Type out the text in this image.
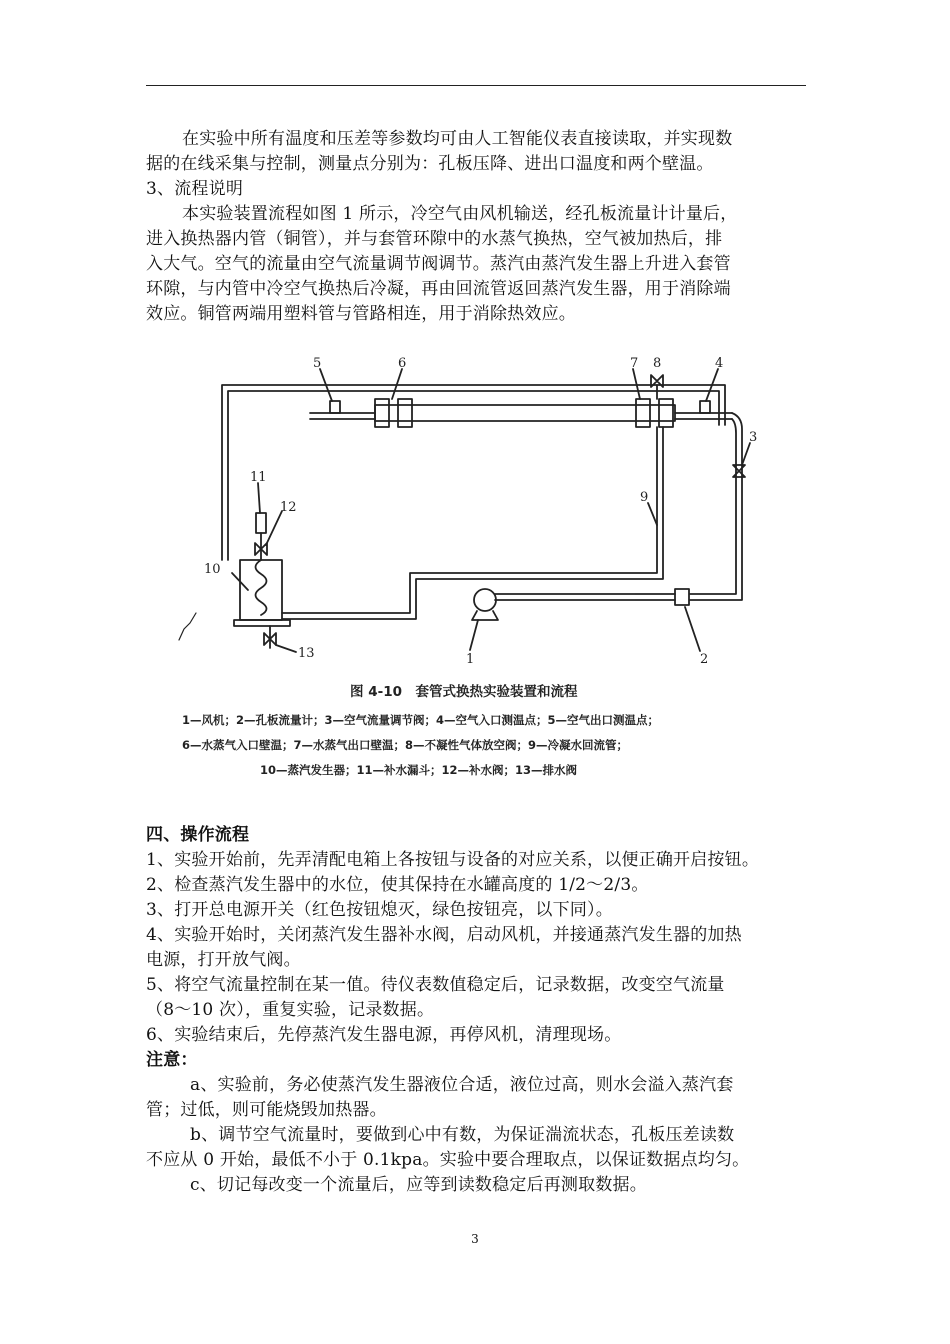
在实验中所有温度和压差等参数均可由人工智能仪表直接读取，并实现数
据的在线采集与控制，测量点分别为：孔板压降、进出口温度和两个壁温。
3、流程说明
本实验装置流程如图 1 所示，冷空气由风机输送，经孔板流量计计量后，
进入换热器内管（铜管），并与套管环隙中的水蒸气换热，空气被加热后，排
入大气。空气的流量由空气流量调节阀调节。蒸汽由蒸汽发生器上升进入套管
环隙，与内管中冷空气换热后冷凝，再由回流管返回蒸汽发生器，用于消除端
效应。铜管两端用塑料管与管路相连，用于消除热效应。
5	6	7 8	4
3
9
11
12
10
13	1	2
图 4-10　套管式换热实验装置和流程
1—风机；2—孔板流量计；3—空气流量调节阀；4—空气入口测温点；5—空气出口测温点；
6—水蒸气入口壁温；7—水蒸气出口壁温；8—不凝性气体放空阀；9—冷凝水回流管；
10—蒸汽发生器；11—补水漏斗；12—补水阀；13—排水阀
四、操作流程
1、实验开始前，先弄清配电箱上各按钮与设备的对应关系，以便正确开启按钮。
2、检查蒸汽发生器中的水位，使其保持在水罐高度的 1/2～2/3。
3、打开总电源开关（红色按钮熄灭，绿色按钮亮，以下同）。
4、实验开始时，关闭蒸汽发生器补水阀，启动风机，并接通蒸汽发生器的加热
电源，打开放气阀。
5、将空气流量控制在某一值。待仪表数值稳定后，记录数据，改变空气流量
（8～10 次），重复实验，记录数据。
6、实验结束后，先停蒸汽发生器电源，再停风机，清理现场。
注意：
a、实验前，务必使蒸汽发生器液位合适，液位过高，则水会溢入蒸汽套
管；过低，则可能烧毁加热器。
b、调节空气流量时，要做到心中有数，为保证湍流状态，孔板压差读数
不应从 0 开始，最低不小于 0.1kpa。实验中要合理取点，以保证数据点均匀。
c、切记每改变一个流量后，应等到读数稳定后再测取数据。
3
